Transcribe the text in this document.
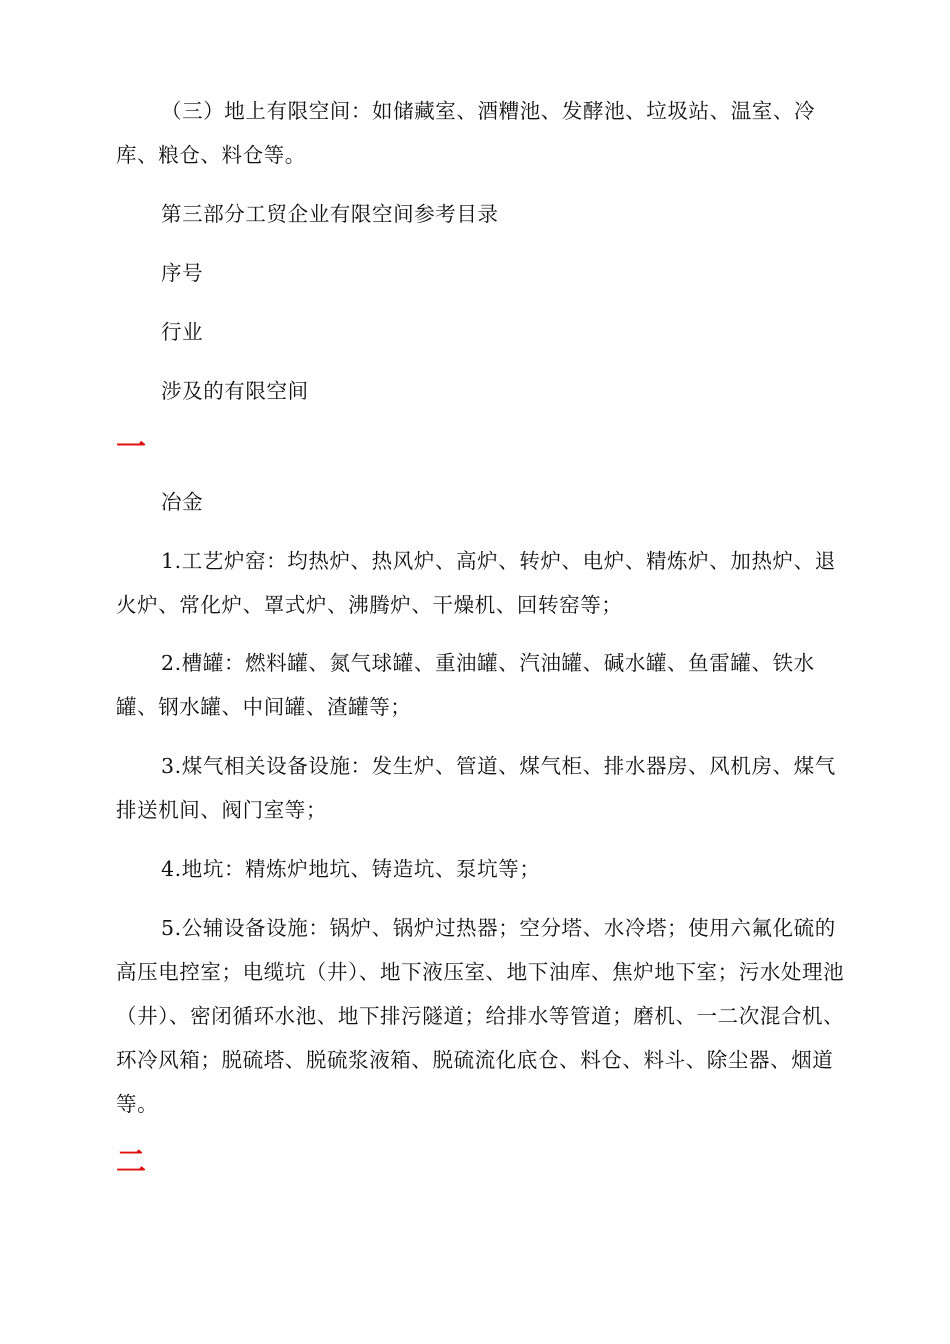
（三）地上有限空间：如储藏室、酒糟池、发酵池、垃圾站、温室、冷库、粮仓、料仓等。
第三部分工贸企业有限空间参考目录
序号
行业
涉及的有限空间
一
冶金
1.工艺炉窑：均热炉、热风炉、高炉、转炉、电炉、精炼炉、加热炉、退火炉、常化炉、罩式炉、沸腾炉、干燥机、回转窑等；
2.槽罐：燃料罐、氮气球罐、重油罐、汽油罐、碱水罐、鱼雷罐、铁水罐、钢水罐、中间罐、渣罐等；
3.煤气相关设备设施：发生炉、管道、煤气柜、排水器房、风机房、煤气排送机间、阀门室等；
4.地坑：精炼炉地坑、铸造坑、泵坑等；
5.公辅设备设施：锅炉、锅炉过热器；空分塔、水冷塔；使用六氟化硫的高压电控室；电缆坑（井）、地下液压室、地下油库、焦炉地下室；污水处理池（井）、密闭循环水池、地下排污隧道；给排水等管道；磨机、一二次混合机、环冷风箱；脱硫塔、脱硫浆液箱、脱硫流化底仓、料仓、料斗、除尘器、烟道等。
二
